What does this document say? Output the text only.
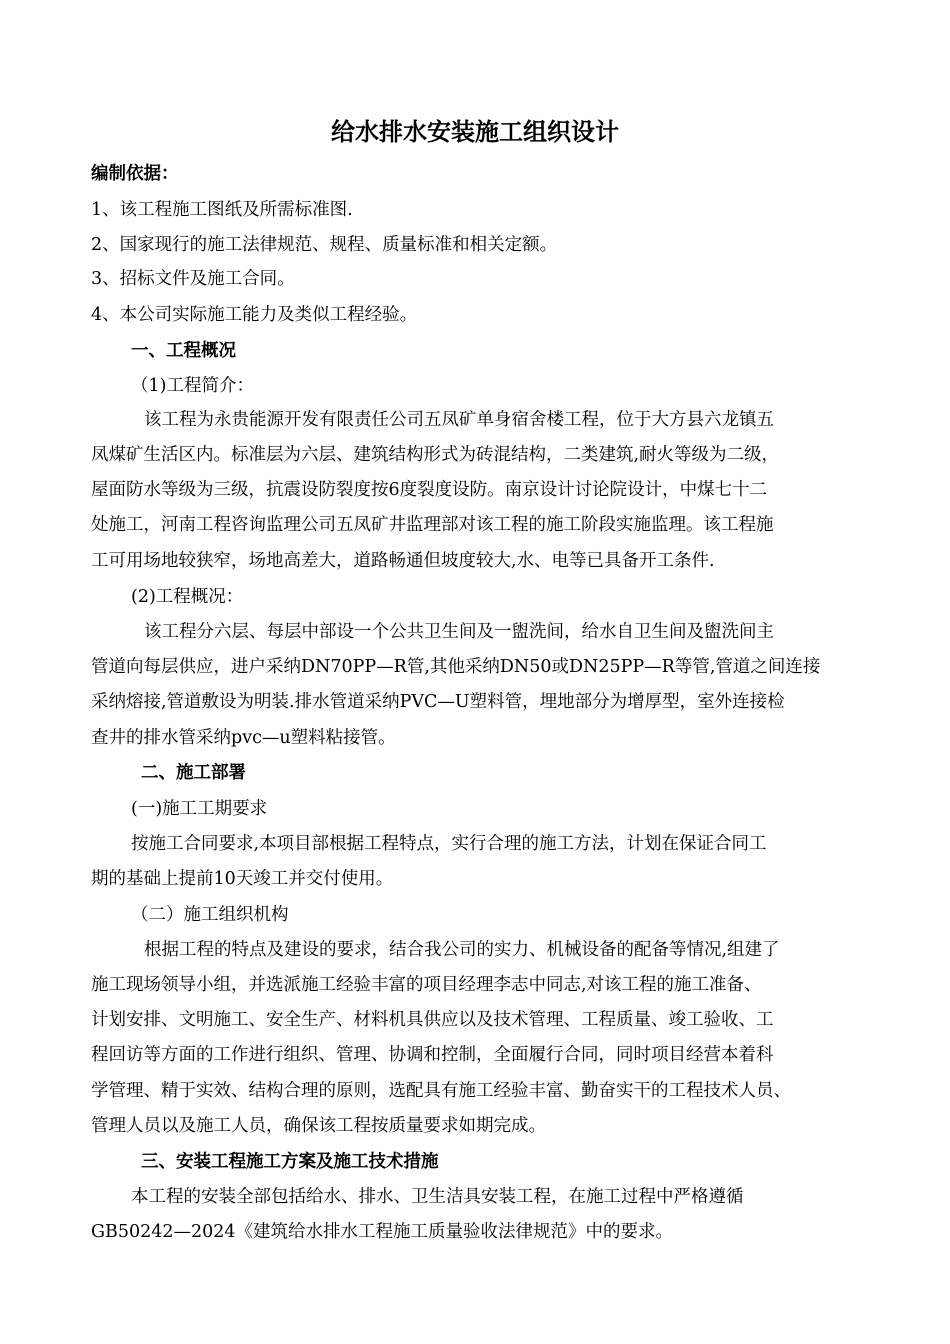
给水排水安装施工组织设计
编制依据：
1、该工程施工图纸及所需标准图.
2、国家现行的施工法律规范、规程、质量标准和相关定额。
3、招标文件及施工合同。
4、本公司实际施工能力及类似工程经验。
一、工程概况
（1)工程简介：
该工程为永贵能源开发有限责任公司五凤矿单身宿舍楼工程，位于大方县六龙镇五
凤煤矿生活区内。标准层为六层、建筑结构形式为砖混结构，二类建筑,耐火等级为二级，
屋面防水等级为三级，抗震设防裂度按6度裂度设防。南京设计讨论院设计，中煤七十二
处施工，河南工程咨询监理公司五凤矿井监理部对该工程的施工阶段实施监理。该工程施
工可用场地较狭窄，场地高差大，道路畅通但坡度较大,水、电等已具备开工条件.
(2)工程概况：
该工程分六层、每层中部设一个公共卫生间及一盥洗间，给水自卫生间及盥洗间主
管道向每层供应，进户采纳DN70PP—R管,其他采纳DN50或DN25PP—R等管,管道之间连接
采纳熔接,管道敷设为明装.排水管道采纳PVC—U塑料管，埋地部分为增厚型，室外连接检
查井的排水管采纳pvc—u塑料粘接管。
二、施工部署
(一)施工工期要求
按施工合同要求,本项目部根据工程特点，实行合理的施工方法，计划在保证合同工
期的基础上提前10天竣工并交付使用。
（二）施工组织机构
根据工程的特点及建设的要求，结合我公司的实力、机械设备的配备等情况,组建了
施工现场领导小组，并选派施工经验丰富的项目经理李志中同志,对该工程的施工准备、
计划安排、文明施工、安全生产、材料机具供应以及技术管理、工程质量、竣工验收、工
程回访等方面的工作进行组织、管理、协调和控制，全面履行合同，同时项目经营本着科
学管理、精于实效、结构合理的原则，选配具有施工经验丰富、勤奋实干的工程技术人员、
管理人员以及施工人员，确保该工程按质量要求如期完成。
三、安装工程施工方案及施工技术措施
本工程的安装全部包括给水、排水、卫生洁具安装工程，在施工过程中严格遵循
GB50242—2024《建筑给水排水工程施工质量验收法律规范》中的要求。
